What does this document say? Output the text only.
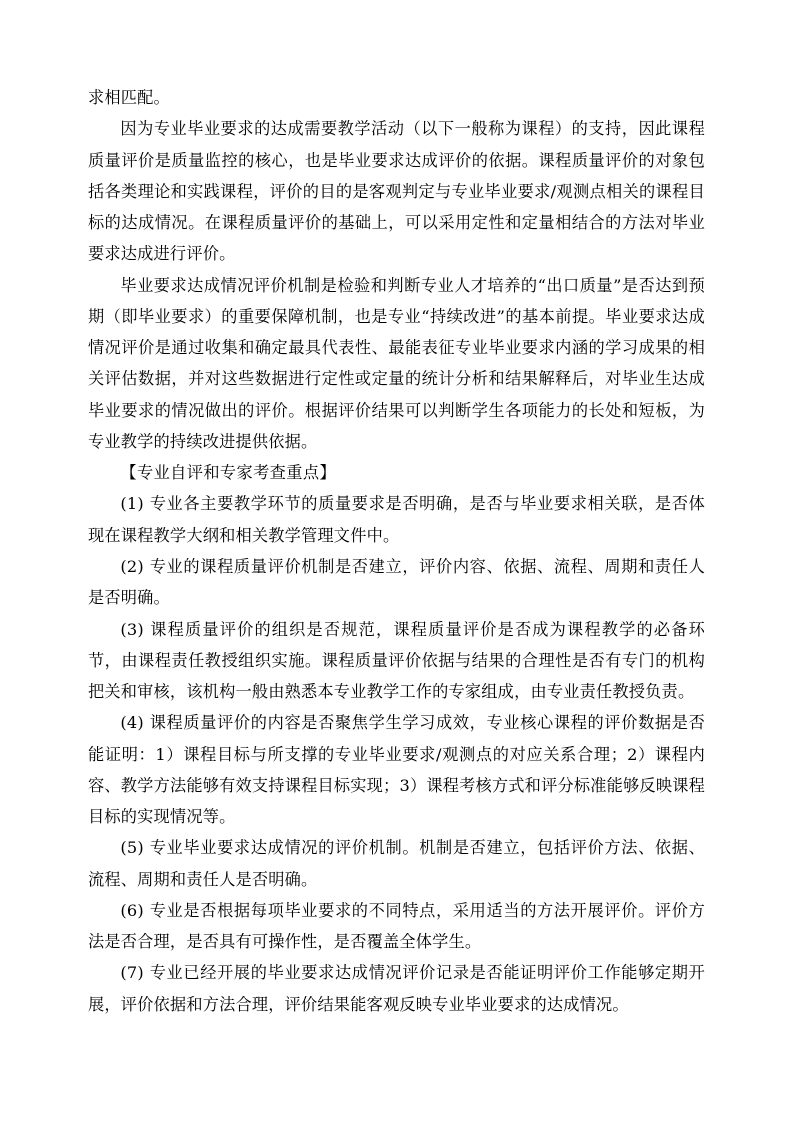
求相匹配。

因为专业毕业要求的达成需要教学活动（以下一般称为课程）的支持，因此课程质量评价是质量监控的核心，也是毕业要求达成评价的依据。课程质量评价的对象包括各类理论和实践课程，评价的目的是客观判定与专业毕业要求/观测点相关的课程目标的达成情况。在课程质量评价的基础上，可以采用定性和定量相结合的方法对毕业要求达成进行评价。

毕业要求达成情况评价机制是检验和判断专业人才培养的“出口质量”是否达到预期（即毕业要求）的重要保障机制，也是专业“持续改进”的基本前提。毕业要求达成情况评价是通过收集和确定最具代表性、最能表征专业毕业要求内涵的学习成果的相关评估数据，并对这些数据进行定性或定量的统计分析和结果解释后，对毕业生达成毕业要求的情况做出的评价。根据评价结果可以判断学生各项能力的长处和短板，为专业教学的持续改进提供依据。

【专业自评和专家考查重点】

(1) 专业各主要教学环节的质量要求是否明确，是否与毕业要求相关联，是否体现在课程教学大纲和相关教学管理文件中。

(2) 专业的课程质量评价机制是否建立，评价内容、依据、流程、周期和责任人是否明确。

(3) 课程质量评价的组织是否规范，课程质量评价是否成为课程教学的必备环节，由课程责任教授组织实施。课程质量评价依据与结果的合理性是否有专门的机构把关和审核，该机构一般由熟悉本专业教学工作的专家组成，由专业责任教授负责。

(4) 课程质量评价的内容是否聚焦学生学习成效，专业核心课程的评价数据是否能证明：1）课程目标与所支撑的专业毕业要求/观测点的对应关系合理；2）课程内容、教学方法能够有效支持课程目标实现；3）课程考核方式和评分标准能够反映课程目标的实现情况等。

(5) 专业毕业要求达成情况的评价机制。机制是否建立，包括评价方法、依据、流程、周期和责任人是否明确。

(6) 专业是否根据每项毕业要求的不同特点，采用适当的方法开展评价。评价方法是否合理，是否具有可操作性，是否覆盖全体学生。

(7) 专业已经开展的毕业要求达成情况评价记录是否能证明评价工作能够定期开展，评价依据和方法合理，评价结果能客观反映专业毕业要求的达成情况。
